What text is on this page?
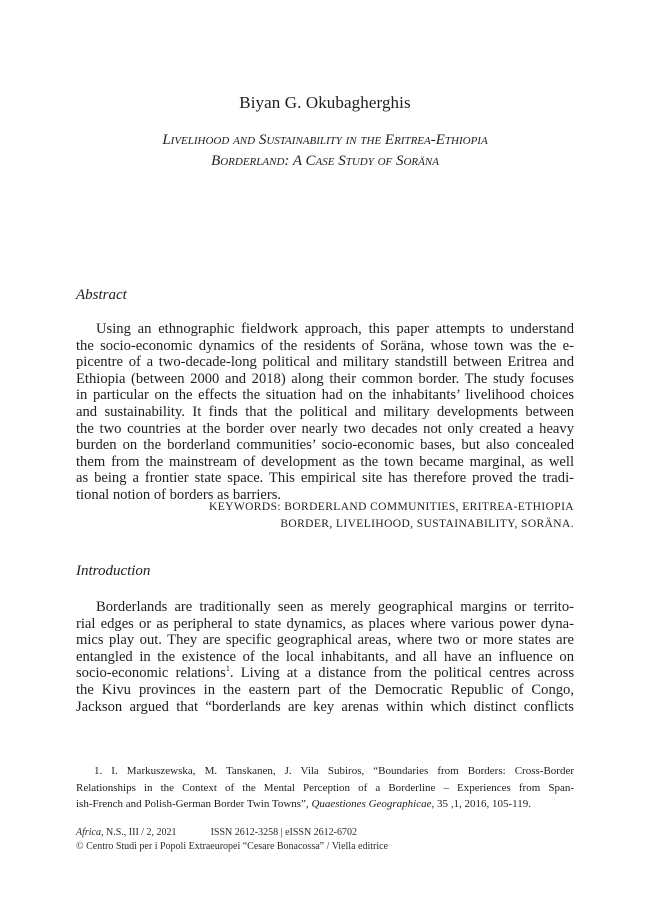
Biyan G. Okubagherghis
Livelihood and Sustainability in the Eritrea-Ethiopia
Borderland: A Case Study of Soräna
Abstract
Using an ethnographic fieldwork approach, this paper attempts to understand
the socio-economic dynamics of the residents of Soräna, whose town was the e-
picentre of a two-decade-long political and military standstill between Eritrea and
Ethiopia (between 2000 and 2018) along their common border. The study focuses
in particular on the effects the situation had on the inhabitants’ livelihood choices
and sustainability. It finds that the political and military developments between
the two countries at the border over nearly two decades not only created a heavy
burden on the borderland communities’ socio-economic bases, but also concealed
them from the mainstream of development as the town became marginal, as well
as being a frontier state space. This empirical site has therefore proved the tradi-
tional notion of borders as barriers.
KEYWORDS: BORDERLAND COMMUNITIES, ERITREA-ETHIOPIA
BORDER, LIVELIHOOD, SUSTAINABILITY, SORÄNA.
Introduction
Borderlands are traditionally seen as merely geographical margins or territo-
rial edges or as peripheral to state dynamics, as places where various power dyna-
mics play out. They are specific geographical areas, where two or more states are
entangled in the existence of the local inhabitants, and all have an influence on
socio-economic relations$^1$. Living at a distance from the political centres across
the Kivu provinces in the eastern part of the Democratic Republic of Congo,
Jackson argued that “borderlands are key arenas within which distinct conflicts
1. I. Markuszewska, M. Tanskanen, J. Vila Subiros, “Boundaries from Borders: Cross-Border
Relationships in the Context of the Mental Perception of a Borderline – Experiences from Span-
ish-French and Polish-German Border Twin Towns”, Quaestiones Geographicae, 35 ,1, 2016, 105-119.
Africa, N.S., III / 2, 2021	ISSN 2612-3258 | eISSN 2612-6702
© Centro Studi per i Popoli Extraeuropei “Cesare Bonacossa” / Viella editrice
